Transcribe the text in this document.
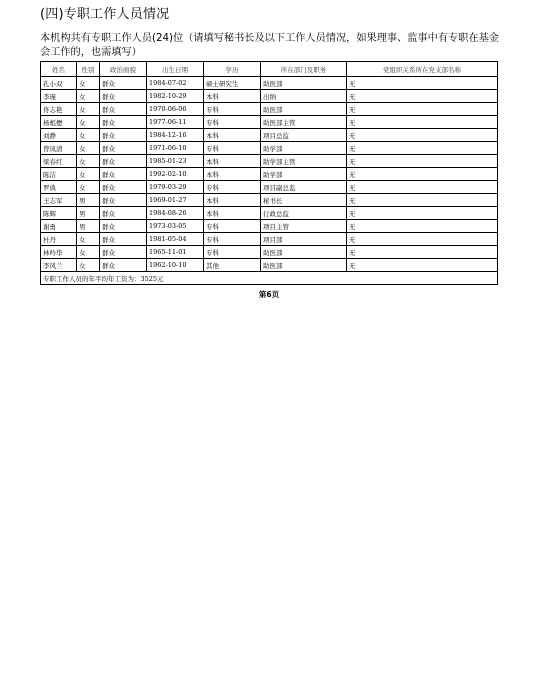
(四)专职工作人员情况
本机构共有专职工作人员(24)位（请填写秘书长及以下工作人员情况，如果理事、监事中有专职在基金会工作的，也需填写）
姓名	性别	政治面貌	出生日期	学历	所在部门及职务	党组织关系所在党支部名称
孔小双	女	群众	1984-07-02	硕士研究生	助医部	无
李瑾	女	群众	1982-10-29	本科	出纳	无
佟志艳	女	群众	1970-06-06	专科	助医部	无
杨彪懋	女	群众	1977-06-11	专科	助医部主管	无
刘静	女	群众	1984-12-16	本科	项目总监	无
曾凤清	女	群众	1971-06-10	专科	助学部	无
梁春红	女	群众	1985-01-23	本科	助学部主管	无
陈洁	女	群众	1992-02-10	本科	助学部	无
罗典	女	群众	1979-03-29	专科	项目副总监	无
王志军	男	群众	1969-01-27	本科	秘书长	无
陈辉	男	群众	1984-08-26	本科	行政总监	无
谢勇	男	群众	1973-03-05	专科	项目主管	无
杜丹	女	群众	1981-05-04	专科	项目部	无
林吟华	女	群众	1965-11-01	专科	助医部	无
李风兰	女	群众	1962-10-10	其他	助医部	无
专职工作人员的年平均年工资为：3525元						
第6页
